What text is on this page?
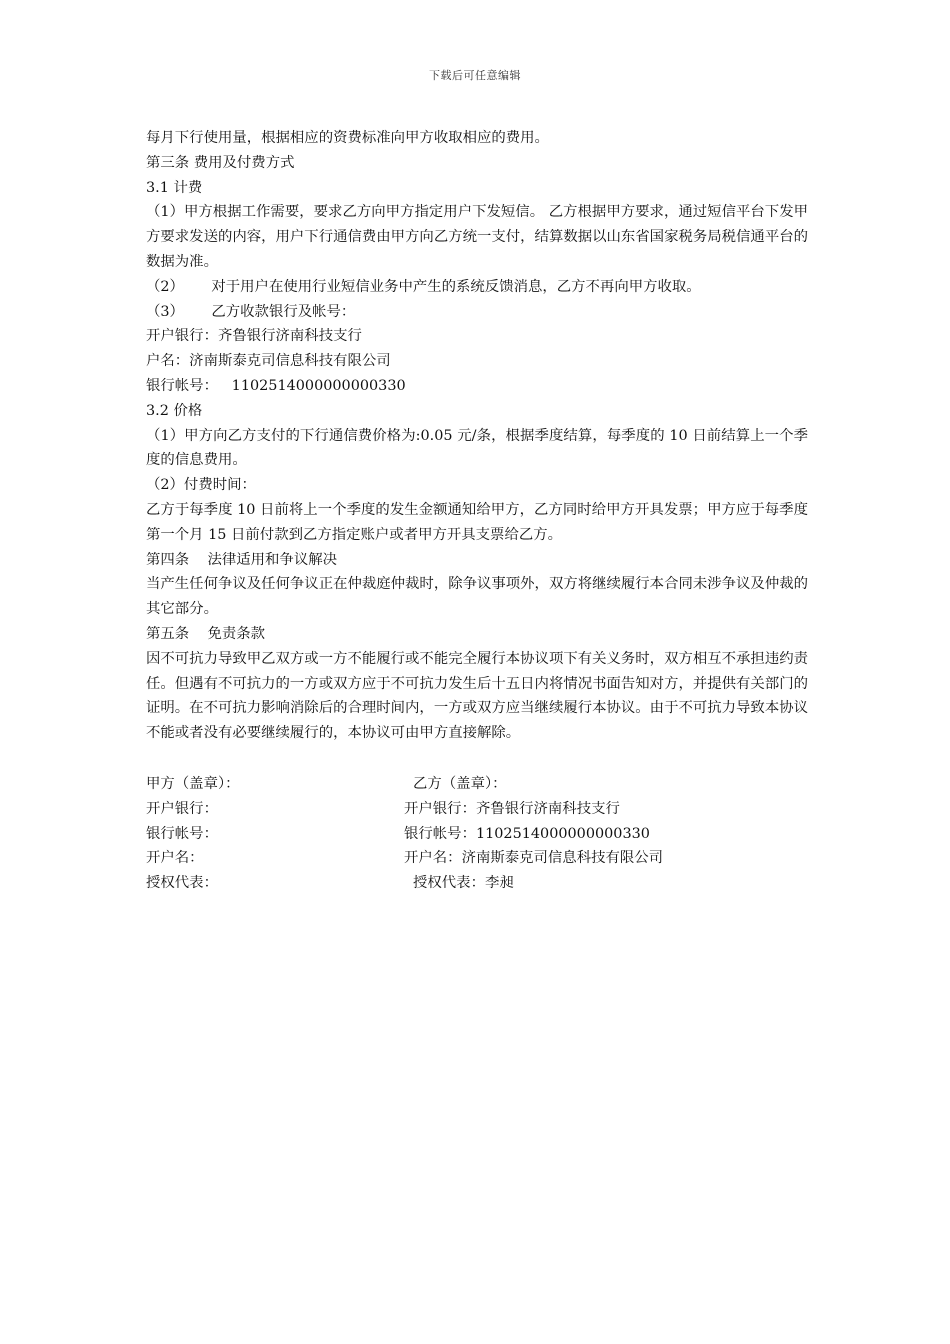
下载后可任意编辑

每月下行使用量，根据相应的资费标准向甲方收取相应的费用。

第三条 费用及付费方式

3.1 计费

（1）甲方根据工作需要，要求乙方向甲方指定用户下发短信。 乙方根据甲方要求，通过短信平台下发甲方要求发送的内容，用户下行通信费由甲方向乙方统一支付，结算数据以山东省国家税务局税信通平台的数据为准。

（2）      对于用户在使用行业短信业务中产生的系统反馈消息，乙方不再向甲方收取。

（3）      乙方收款银行及帐号：

开户银行：齐鲁银行济南科技支行

户名：济南斯泰克司信息科技有限公司

银行帐号：   1102514000000000330

3.2 价格

（1）甲方向乙方支付的下行通信费价格为:0.05 元/条，根据季度结算，每季度的 10 日前结算上一个季度的信息费用。

（2）付费时间：

乙方于每季度 10 日前将上一个季度的发生金额通知给甲方，乙方同时给甲方开具发票；甲方应于每季度第一个月 15 日前付款到乙方指定账户或者甲方开具支票给乙方。

第四条    法律适用和争议解决

当产生任何争议及任何争议正在仲裁庭仲裁时，除争议事项外，双方将继续履行本合同未涉争议及仲裁的其它部分。

第五条    免责条款

因不可抗力导致甲乙双方或一方不能履行或不能完全履行本协议项下有关义务时，双方相互不承担违约责任。但遇有不可抗力的一方或双方应于不可抗力发生后十五日内将情况书面告知对方，并提供有关部门的证明。在不可抗力影响消除后的合理时间内，一方或双方应当继续履行本协议。由于不可抗力导致本协议不能或者没有必要继续履行的，本协议可由甲方直接解除。

甲方（盖章）：	乙方（盖章）：
开户银行：	开户银行：齐鲁银行济南科技支行
银行帐号：	银行帐号：1102514000000000330
开户名：	开户名：济南斯泰克司信息科技有限公司
授权代表：	授权代表：李昶
